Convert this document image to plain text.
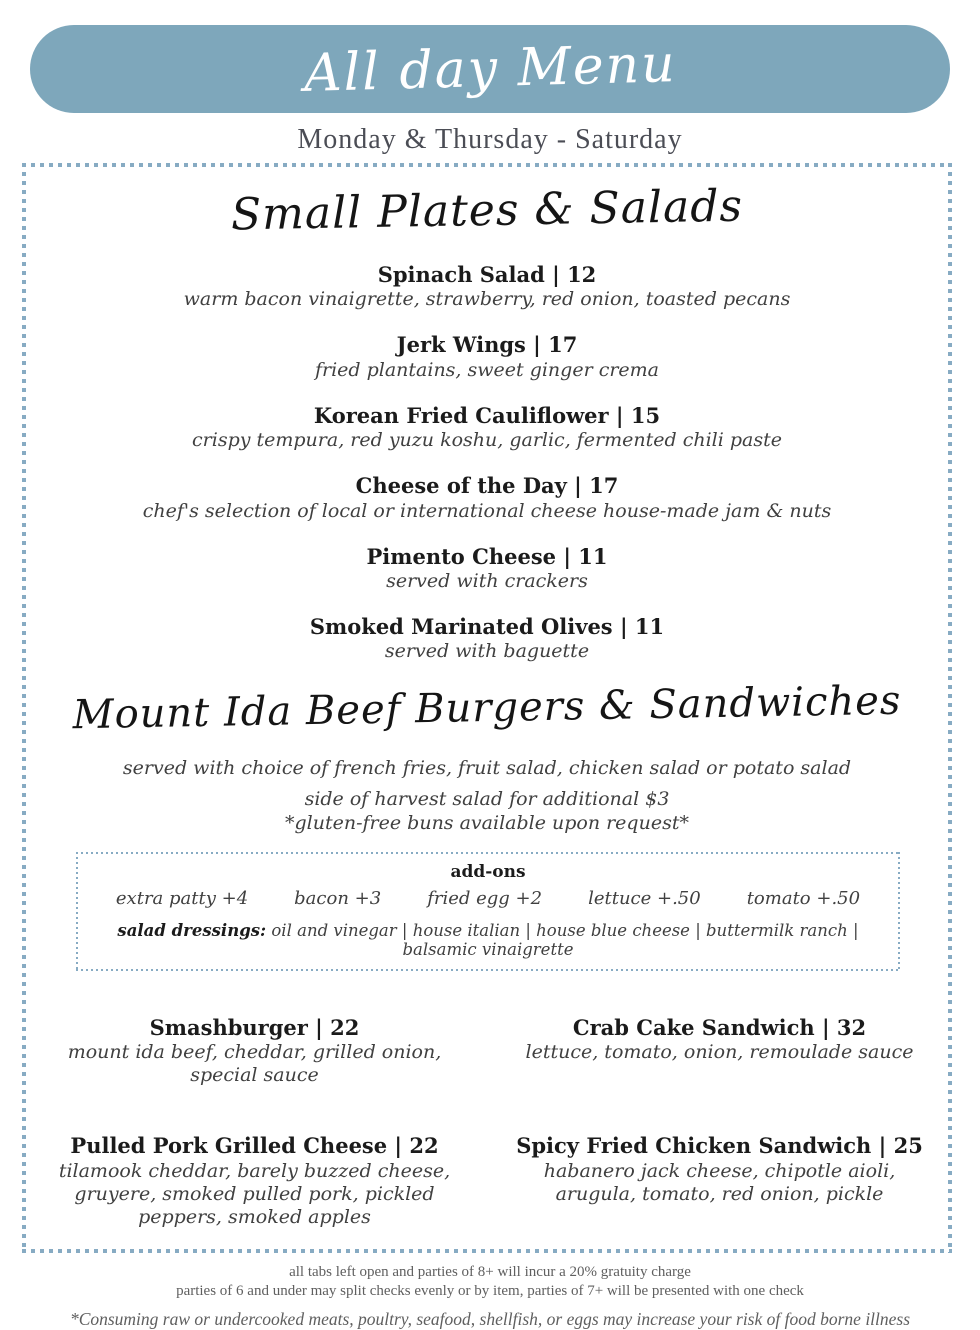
All day Menu
Monday & Thursday - Saturday
Small Plates & Salads
Spinach Salad | 12
warm bacon vinaigrette, strawberry, red onion, toasted pecans
Jerk Wings | 17
fried plantains, sweet ginger crema
Korean Fried Cauliflower | 15
crispy tempura, red yuzu koshu, garlic, fermented chili paste
Cheese of the Day | 17
chef's selection of local or international cheese house-made jam & nuts
Pimento Cheese | 11
served with crackers
Smoked Marinated Olives | 11
served with baguette
Mount Ida Beef Burgers & Sandwiches
served with choice of french fries, fruit salad, chicken salad or potato salad
side of harvest salad for additional $3
*gluten-free buns available upon request*
add-ons
extra patty +4	bacon +3	fried egg +2	lettuce +.50	tomato +.50
salad dressings: oil and vinegar | house italian | house blue cheese | buttermilk ranch | balsamic vinaigrette
Smashburger | 22
mount ida beef, cheddar, grilled onion, special sauce
Crab Cake Sandwich | 32
lettuce, tomato, onion, remoulade sauce
Pulled Pork Grilled Cheese | 22
tilamook cheddar, barely buzzed cheese, gruyere, smoked pulled pork, pickled peppers, smoked apples
Spicy Fried Chicken Sandwich | 25
habanero jack cheese, chipotle aioli, arugula, tomato, red onion, pickle
all tabs left open and parties of 8+ will incur a 20% gratuity charge
parties of 6 and under may split checks evenly or by item, parties of 7+ will be presented with one check
*Consuming raw or undercooked meats, poultry, seafood, shellfish, or eggs may increase your risk of food borne illness
